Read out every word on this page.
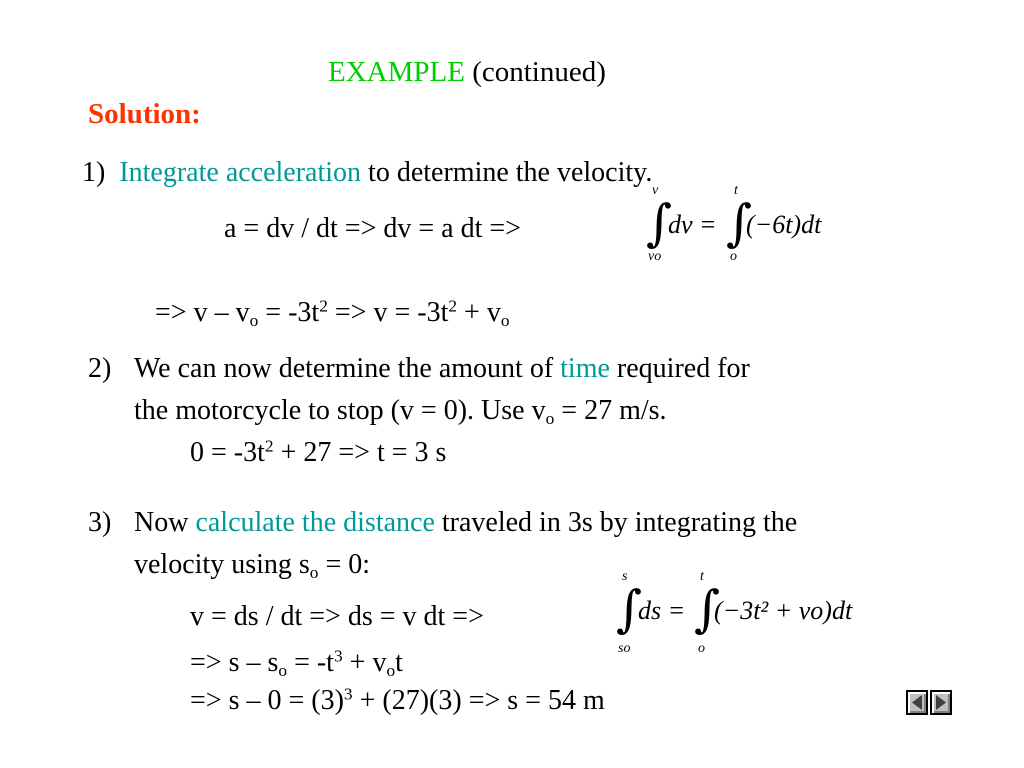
EXAMPLE (continued)
Solution:
1) Integrate acceleration to determine the velocity.
a = dv / dt => dv = a dt =>
v
∫
vo
dv =
t
∫
o
(−6t)dt
=> $v - v_o = -3t^2 => v = -3t^2 + v_o$
2) We can now determine the amount of time required for
the motorcycle to stop (v = 0). Use $v_o = 27$ m/s.
$0 = -3t^2 + 27 => t = 3$ s
3) Now calculate the distance traveled in 3s by integrating the
velocity using $s_o = 0$:
v = ds / dt => ds = v dt =>
s
∫
so
ds =
t
∫
o
(−3t² + vo)dt
=> $s - s_o = -t^3 + v_ot$
=> $s - 0 = (3)^3 + (27)(3) => s = 54$ m
